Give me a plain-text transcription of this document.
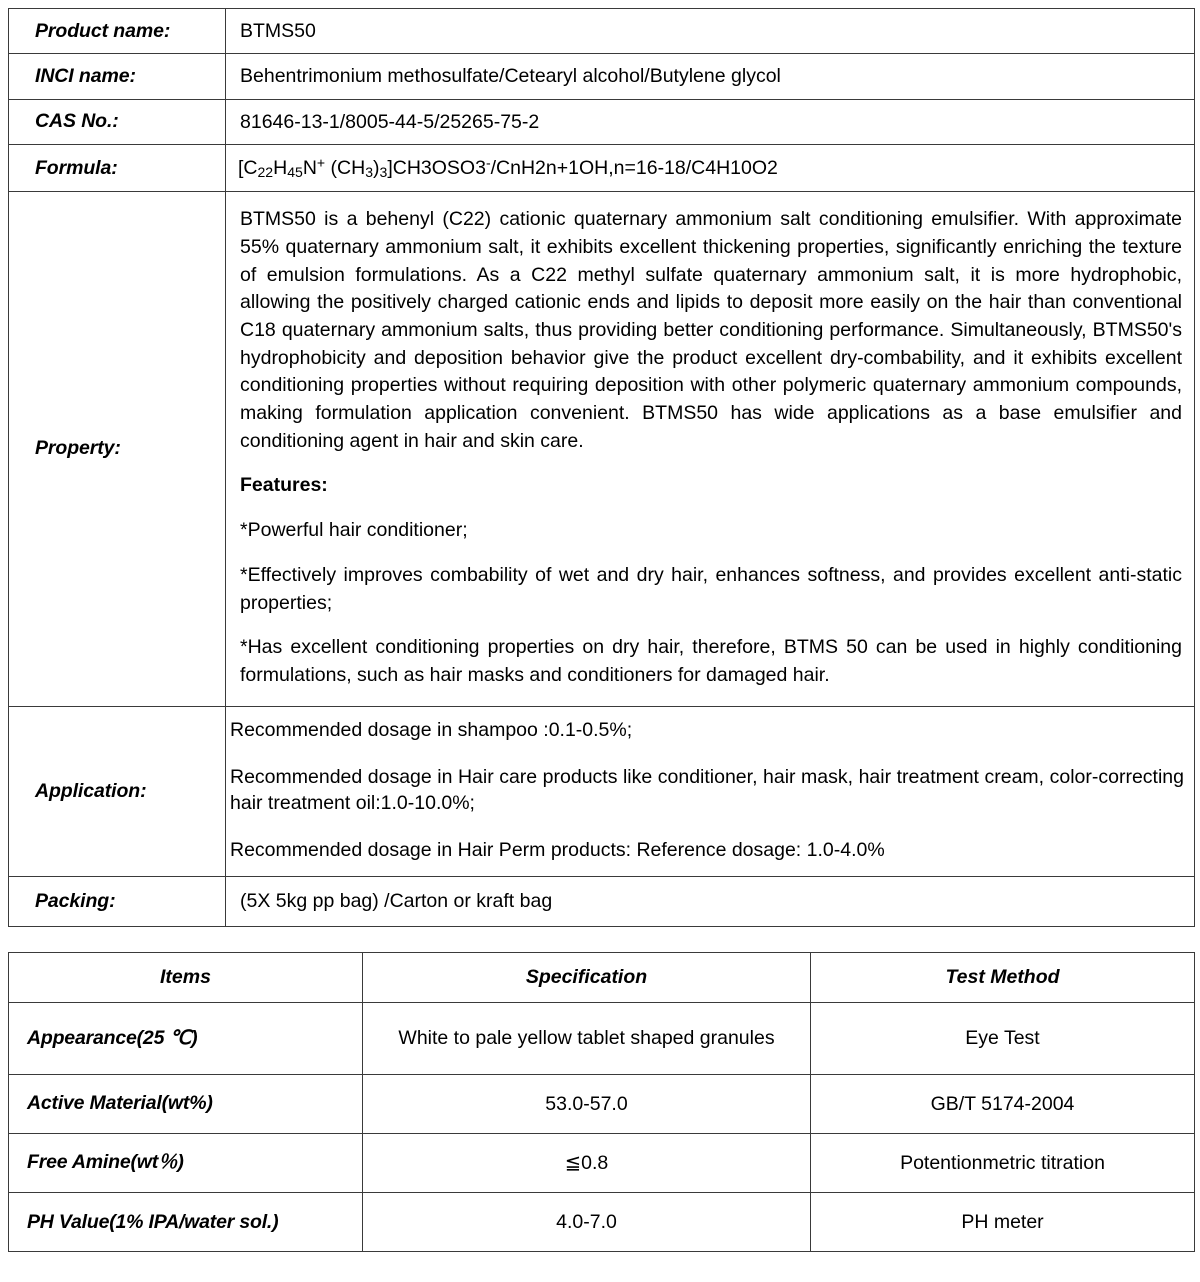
Product name:	BTMS50
INCI name:	Behentrimonium methosulfate/Cetearyl alcohol/Butylene glycol
CAS No.:	81646-13-1/8005-44-5/25265-75-2
Formula:	[$C_{22}H_{45}N^+$ $(CH_3)_3]CH3OSO3^-/CnH2n+1OH,n=16-18/C4H10O2$
Property:	BTMS50 is a behenyl (C22) cationic quaternary ammonium salt conditioning emulsifier. With approximate 55% quaternary ammonium salt, it exhibits excellent thickening properties, significantly enriching the texture of emulsion formulations. As a C22 methyl sulfate quaternary ammonium salt, it is more hydrophobic, allowing the positively charged cationic ends and lipids to deposit more easily on the hair than conventional C18 quaternary ammonium salts, thus providing better conditioning performance. Simultaneously, BTMS50's hydrophobicity and deposition behavior give the product excellent dry-combability, and it exhibits excellent conditioning properties without requiring deposition with other polymeric quaternary ammonium compounds, making formulation application convenient. BTMS50 has wide applications as a base emulsifier and conditioning agent in hair and skin care.

Features:

*Powerful hair conditioner;

*Effectively improves combability of wet and dry hair, enhances softness, and provides excellent anti-static properties;

*Has excellent conditioning properties on dry hair, therefore, BTMS 50 can be used in highly conditioning formulations, such as hair masks and conditioners for damaged hair.

Application:	Recommended dosage in shampoo :0.1-0.5%;

Recommended dosage in Hair care products like conditioner, hair mask, hair treatment cream, color-correcting hair treatment oil:1.0-10.0%;

Recommended dosage in Hair Perm products: Reference dosage: 1.0-4.0%

Packing:	(5X 5kg pp bag) /Carton or kraft bag
Items	Specification	Test Method
Appearance(25 ℃)	White to pale yellow tablet shaped granules	Eye Test
Active Material(wt%)	53.0-57.0	GB/T 5174-2004
Free Amine(wt％)	≦0.8	Potentionmetric titration
PH Value(1% IPA/water sol.)	4.0-7.0	PH meter
